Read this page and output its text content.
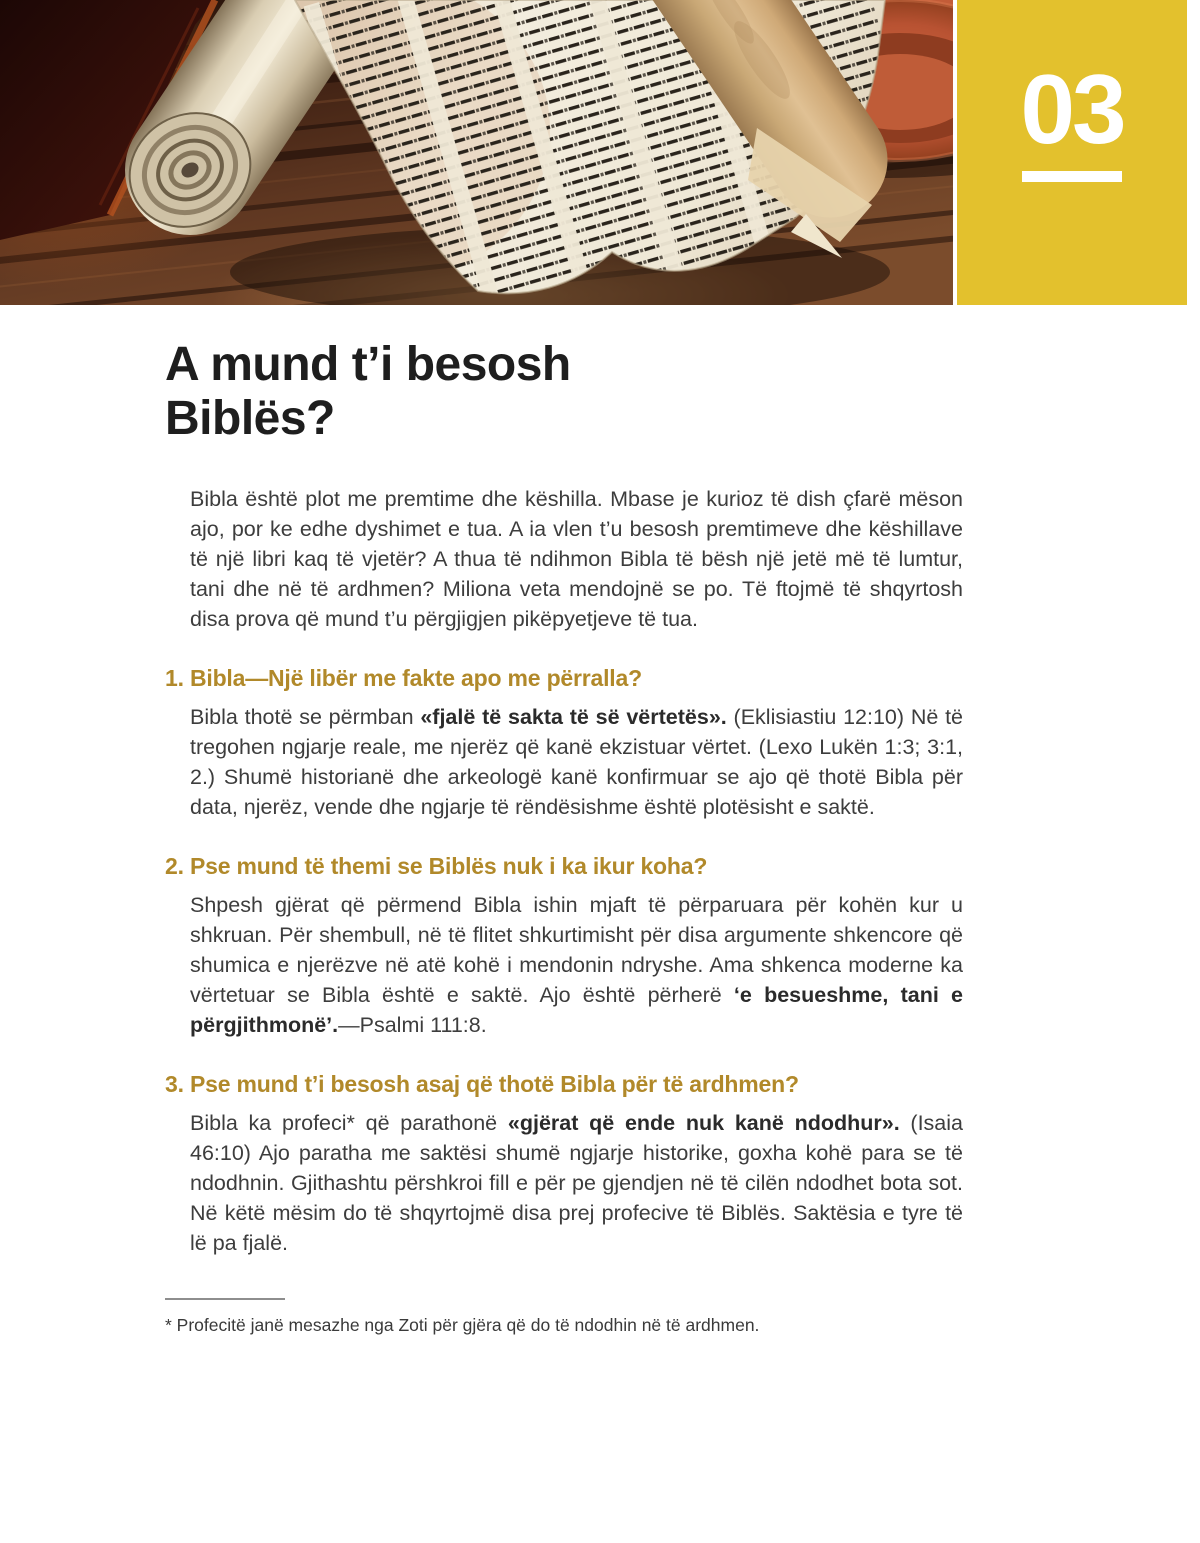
03
A mund t’i besosh Biblës?

Bibla është plot me premtime dhe këshilla. Mbase je kurioz të dish çfarë mëson ajo, por ke edhe dyshimet e tua. A ia vlen t’u besosh premtimeve dhe këshillave të një libri kaq të vjetër? A thua të ndihmon Bibla të bësh një jetë më të lumtur, tani dhe në të ardhmen? Miliona veta mendojnë se po. Të ftojmë të shqyrtosh disa prova që mund t’u përgjigjen pikëpyetjeve të tua.

1. Bibla—Një libër me fakte apo me përralla?

Bibla thotë se përmban «fjalë të sakta të së vërtetës». (Eklisiastiu 12:10) Në të tregohen ngjarje reale, me njerëz që kanë ekzistuar vërtet. (Lexo Lukën 1:3; 3:1, 2.) Shumë historianë dhe arkeologë kanë konfirmuar se ajo që thotë Bibla për data, njerëz, vende dhe ngjarje të rëndësishme është plotësisht e saktë.

2. Pse mund të themi se Biblës nuk i ka ikur koha?

Shpesh gjërat që përmend Bibla ishin mjaft të përparuara për kohën kur u shkruan. Për shembull, në të flitet shkurtimisht për disa argumente shkencore që shumica e njerëzve në atë kohë i mendonin ndryshe. Ama shkenca moderne ka vërtetuar se Bibla është e saktë. Ajo është përherë ‘e besueshme, tani e përgjithmonë’.—Psalmi 111:8.

3. Pse mund t’i besosh asaj që thotë Bibla për të ardhmen?

Bibla ka profeci* që parathonë «gjërat që ende nuk kanë ndodhur». (Isaia 46:10) Ajo paratha me saktësi shumë ngjarje historike, goxha kohë para se të ndodhnin. Gjithashtu përshkroi fill e për pe gjendjen në të cilën ndodhet bota sot. Në këtë mësim do të shqyrtojmë disa prej profecive të Biblës. Saktësia e tyre të lë pa fjalë.

* Profecitë janë mesazhe nga Zoti për gjëra që do të ndodhin në të ardhmen.
